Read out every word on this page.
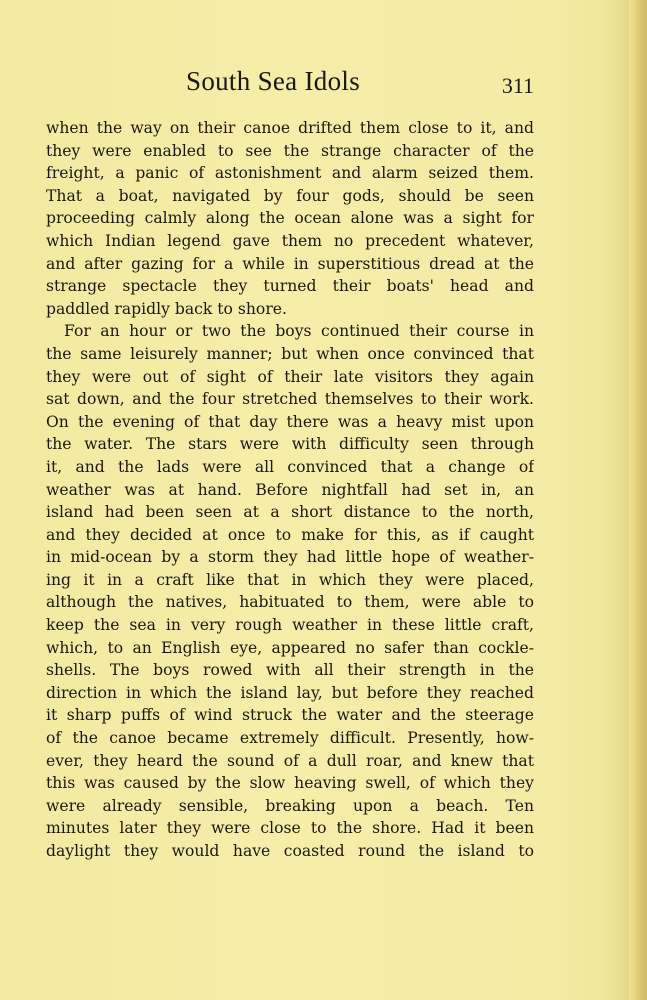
South Sea Idols	311
when the way on their canoe drifted them close to it, and
they were enabled to see the strange character of the
freight, a panic of astonishment and alarm seized them.
That a boat, navigated by four gods, should be seen
proceeding calmly along the ocean alone was a sight for
which Indian legend gave them no precedent whatever,
and after gazing for a while in superstitious dread at the
strange spectacle they turned their boats' head and
paddled rapidly back to shore.
For an hour or two the boys continued their course in
the same leisurely manner; but when once convinced that
they were out of sight of their late visitors they again
sat down, and the four stretched themselves to their work.
On the evening of that day there was a heavy mist upon
the water. The stars were with difficulty seen through
it, and the lads were all convinced that a change of
weather was at hand. Before nightfall had set in, an
island had been seen at a short distance to the north,
and they decided at once to make for this, as if caught
in mid-ocean by a storm they had little hope of weather-
ing it in a craft like that in which they were placed,
although the natives, habituated to them, were able to
keep the sea in very rough weather in these little craft,
which, to an English eye, appeared no safer than cockle-
shells. The boys rowed with all their strength in the
direction in which the island lay, but before they reached
it sharp puffs of wind struck the water and the steerage
of the canoe became extremely difficult. Presently, how-
ever, they heard the sound of a dull roar, and knew that
this was caused by the slow heaving swell, of which they
were already sensible, breaking upon a beach. Ten
minutes later they were close to the shore. Had it been
daylight they would have coasted round the island to
